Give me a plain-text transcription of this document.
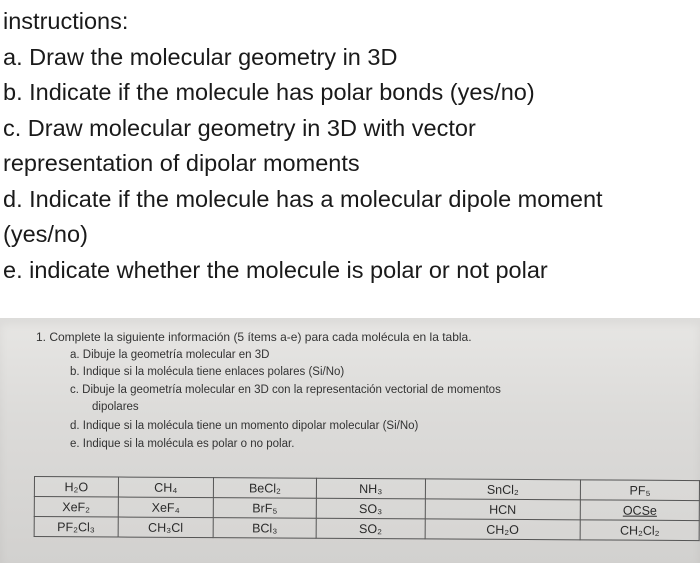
instructions:
a. Draw the molecular geometry in 3D
b. Indicate if the molecule has polar bonds (yes/no)
c. Draw molecular geometry in 3D with vector
representation of dipolar moments
d. Indicate if the molecule has a molecular dipole moment
(yes/no)
e. indicate whether the molecule is polar or not polar
1. Complete la siguiente información (5 ítems a-e) para cada molécula en la tabla.
a. Dibuje la geometría molecular en 3D
b. Indique si la molécula tiene enlaces polares (Si/No)
c. Dibuje la geometría molecular en 3D con la representación vectorial de momentos
dipolares
d. Indique si la molécula tiene un momento dipolar molecular (Si/No)
e. Indique si la molécula es polar o no polar.
H₂O	CH₄	BeCl₂	NH₃	SnCl₂	PF₅
XeF₂	XeF₄	BrF₅	SO₃	HCN	OCSe
PF₂Cl₃	CH₃Cl	BCl₃	SO₂	CH₂O	CH₂Cl₂
